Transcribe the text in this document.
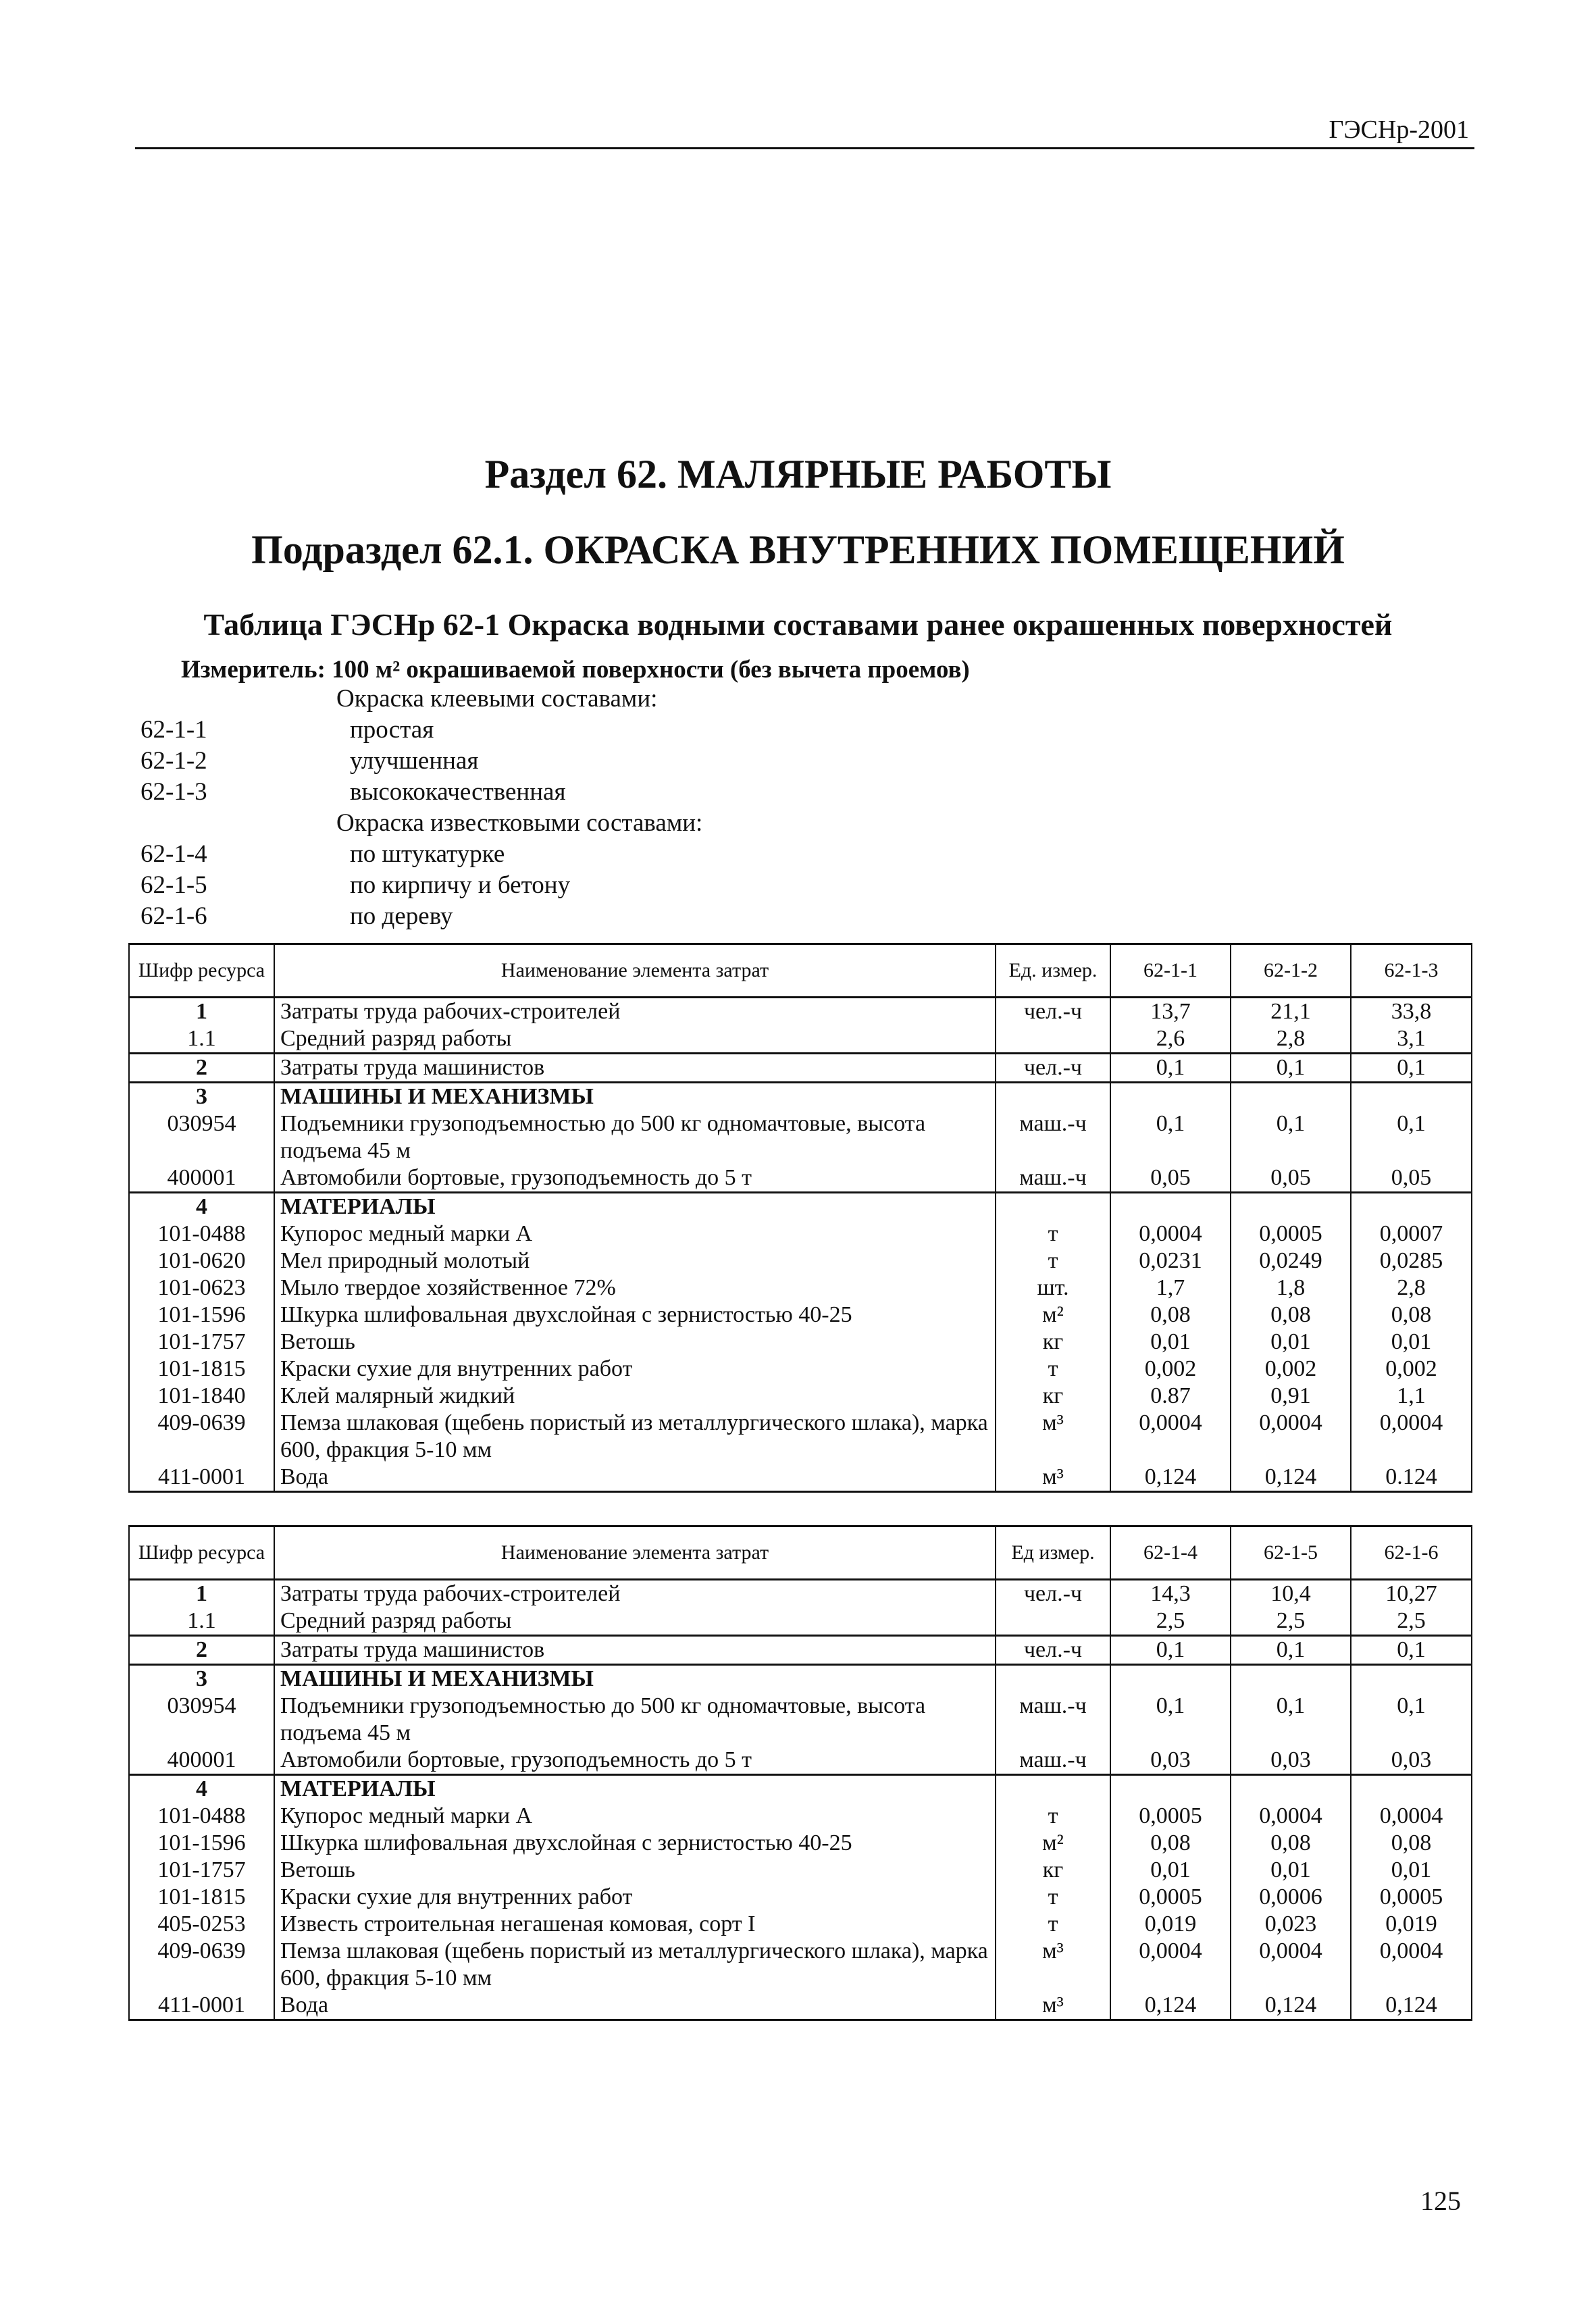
ГЭСНр-2001
Раздел 62. МАЛЯРНЫЕ РАБОТЫ
Подраздел 62.1. ОКРАСКА ВНУТРЕННИХ ПОМЕЩЕНИЙ
Таблица ГЭСНр 62-1 Окраска водными составами ранее окрашенных поверхностей
Измеритель: 100 м² окрашиваемой поверхности (без вычета проемов)
Окраска клеевыми составами:
62-1-1	простая
62-1-2	улучшенная
62-1-3	высококачественная
Окраска известковыми составами:
62-1-4	по штукатурке
62-1-5	по кирпичу и бетону
62-1-6	по дереву
Шифр ресурса	Наименование элемента затрат	Ед. измер.	62-1-1	62-1-2	62-1-3
1	Затраты труда рабочих-строителей	чел.-ч	13,7	21,1	33,8
1.1	Средний разряд работы		2,6	2,8	3,1
2	Затраты труда машинистов	чел.-ч	0,1	0,1	0,1
3	МАШИНЫ И МЕХАНИЗМЫ				
030954	Подъемники грузоподъемностью до 500 кг одномачтовые, высота подъема 45 м	маш.-ч	0,1	0,1	0,1
400001	Автомобили бортовые, грузоподъемность до 5 т	маш.-ч	0,05	0,05	0,05
4	МАТЕРИАЛЫ				
101-0488	Купорос медный марки А	т	0,0004	0,0005	0,0007
101-0620	Мел природный молотый	т	0,0231	0,0249	0,0285
101-0623	Мыло твердое хозяйственное 72%	шт.	1,7	1,8	2,8
101-1596	Шкурка шлифовальная двухслойная с зернистостью 40-25	м²	0,08	0,08	0,08
101-1757	Ветошь	кг	0,01	0,01	0,01
101-1815	Краски сухие для внутренних работ	т	0,002	0,002	0,002
101-1840	Клей малярный жидкий	кг	0.87	0,91	1,1
409-0639	Пемза шлаковая (щебень пористый из металлургического шлака), марка 600, фракция 5-10 мм	м³	0,0004	0,0004	0,0004
411-0001	Вода	м³	0,124	0,124	0.124
Шифр ресурса	Наименование элемента затрат	Ед измер.	62-1-4	62-1-5	62-1-6
1	Затраты труда рабочих-строителей	чел.-ч	14,3	10,4	10,27
1.1	Средний разряд работы		2,5	2,5	2,5
2	Затраты труда машинистов	чел.-ч	0,1	0,1	0,1
3	МАШИНЫ И МЕХАНИЗМЫ				
030954	Подъемники грузоподъемностью до 500 кг одномачтовые, высота подъема 45 м	маш.-ч	0,1	0,1	0,1
400001	Автомобили бортовые, грузоподъемность до 5 т	маш.-ч	0,03	0,03	0,03
4	МАТЕРИАЛЫ				
101-0488	Купорос медный марки А	т	0,0005	0,0004	0,0004
101-1596	Шкурка шлифовальная двухслойная с зернистостью 40-25	м²	0,08	0,08	0,08
101-1757	Ветошь	кг	0,01	0,01	0,01
101-1815	Краски сухие для внутренних работ	т	0,0005	0,0006	0,0005
405-0253	Известь строительная негашеная комовая, сорт I	т	0,019	0,023	0,019
409-0639	Пемза шлаковая (щебень пористый из металлургического шлака), марка 600, фракция 5-10 мм	м³	0,0004	0,0004	0,0004
411-0001	Вода	м³	0,124	0,124	0,124
125
